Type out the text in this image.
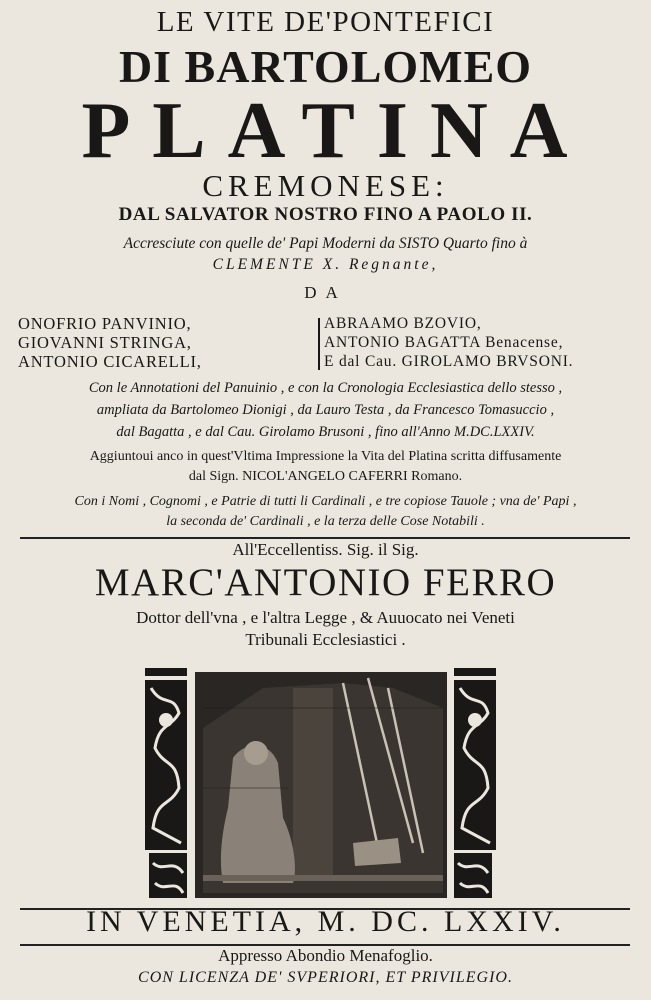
LE VITE DE'PONTEFICI
DI BARTOLOMEO
PLATINA
CREMONESE:
DAL SALVATOR NOSTRO FINO A PAOLO II.
Accresciute con quelle de' Papi Moderni da SISTO Quarto fino à
CLEMENTE X. Regnante,
DA
ONOFRIO PANVINIO,
GIOVANNI STRINGA,
ANTONIO CICARELLI,
ABRAAMO BZOVIO,
ANTONIO BAGATTA Benacense,
E dal Cau. GIROLAMO BRVSONI.
Con le Annotationi del Panuinio , e con la Cronologia Ecclesiastica dello stesso ,
ampliata da Bartolomeo Dionigi , da Lauro Testa , da Francesco Tomasuccio ,
dal Bagatta , e dal Cau. Girolamo Brusoni , fino all'Anno M.DC.LXXIV.
Aggiuntoui anco in quest'Vltima Impressione la Vita del Platina scritta diffusamente
dal Sign. NICOL'ANGELO CAFERRI Romano.
Con i Nomi , Cognomi , e Patrie di tutti li Cardinali , e tre copiose Tauole ; vna de' Papi ,
la seconda de' Cardinali , e la terza delle Cose Notabili .
All'Eccellentiss. Sig. il Sig.
MARC'ANTONIO FERRO
Dottor dell'vna , e l'altra Legge , & Auuocato nei Veneti
Tribunali Ecclesiastici .
IN VENETIA, M. DC. LXXIV.
Appresso Abondio Menafoglio.
CON LICENZA DE' SVPERIORI, ET PRIVILEGIO.
